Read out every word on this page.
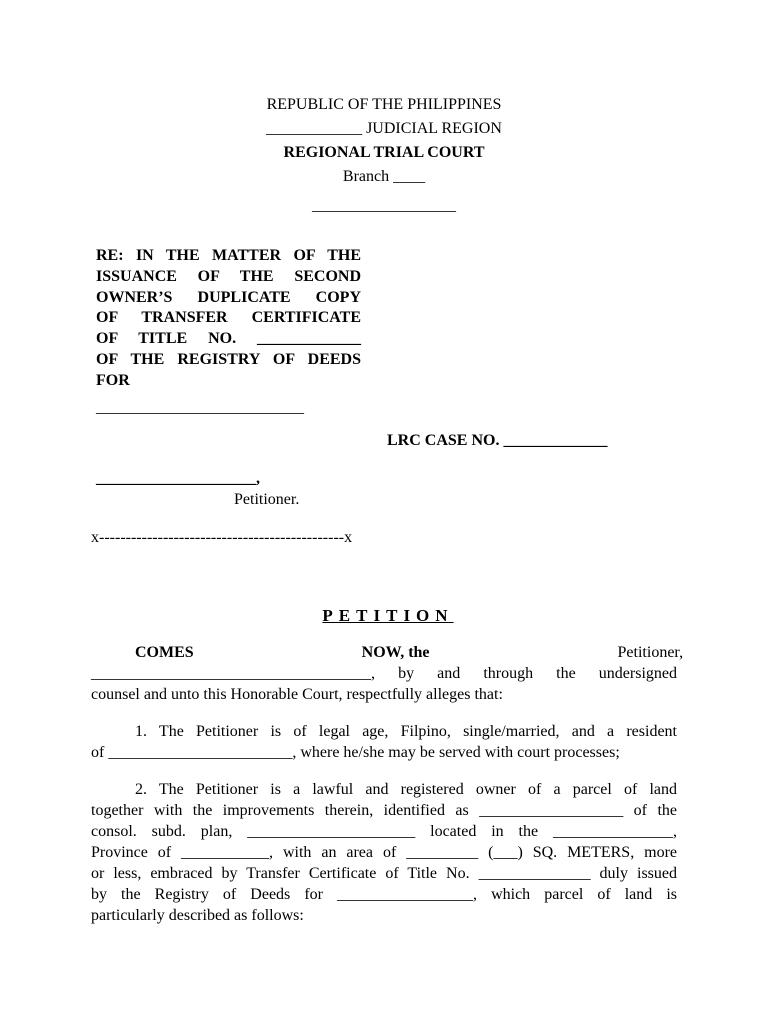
REPUBLIC OF THE PHILIPPINES
____________ JUDICIAL REGION
REGIONAL TRIAL COURT
Branch ____
__________________
RE: IN THE MATTER OF THE
ISSUANCE OF THE SECOND
OWNER’S DUPLICATE COPY
OF TRANSFER CERTIFICATE
OF TITLE NO. _____________
OF THE REGISTRY OF DEEDS
FOR
__________________________
LRC CASE NO. _____________
____________________,
Petitioner.
x----------------------------------------------x

PETITION

COMES	NOW, the	Petitioner,
___________________________________, by and through the undersigned
counsel and unto this Honorable Court, respectfully alleges that:
1. The Petitioner is of legal age, Filpino, single/married, and a resident
of _______________________, where he/she may be served with court processes;
2. The Petitioner is a lawful and registered owner of a parcel of land
together with the improvements therein, identified as __________________ of the
consol. subd. plan, _____________________ located in the _______________,
Province of ___________, with an area of _________ (___) SQ. METERS, more
or less, embraced by Transfer Certificate of Title No. ______________ duly issued
by the Registry of Deeds for _________________, which parcel of land is
particularly described as follows:
